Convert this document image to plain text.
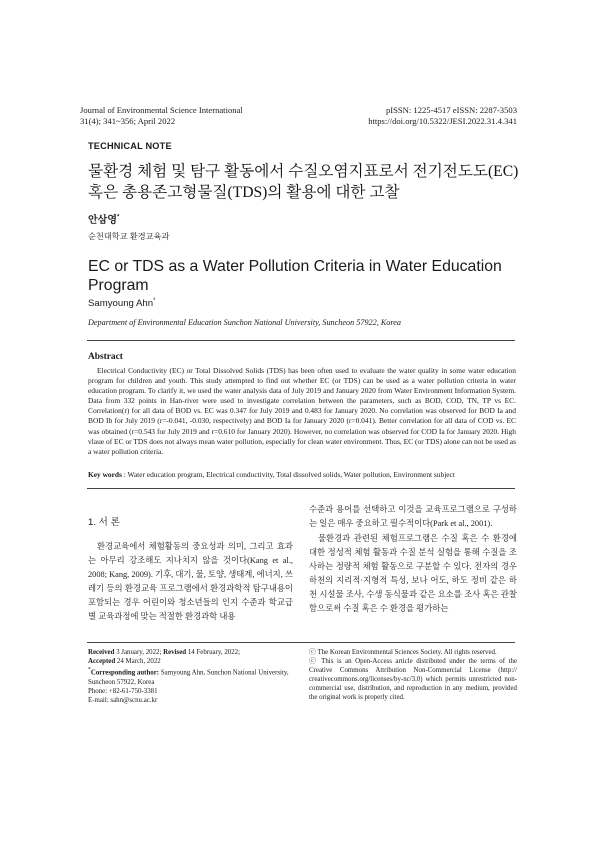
Journal of Environmental Science International
31(4); 341~356; April 2022
pISSN: 1225-4517 eISSN: 2287-3503
https://doi.org/10.5322/JESI.2022.31.4.341
TECHNICAL NOTE
물환경 체험 및 탐구 활동에서 수질오염지표로서 전기전도도(EC)
혹은 총용존고형물질(TDS)의 활용에 대한 고찰
안삼영*
순천대학교 환경교육과
EC or TDS as a Water Pollution Criteria in Water Education
Program
Samyoung Ahn*
Department of Environmental Education Sunchon National University, Suncheon 57922, Korea
Abstract
Electrical Conductivity (EC) or Total Dissolved Solids (TDS) has been often used to evaluate the water quality in some water education program for children and youth. This study attempted to find out whether EC (or TDS) can be used as a water pollution criteria in water education program. To clarify it, we used the water analysis data of July 2019 and January 2020 from Water Environment Information System. Data from 332 points in Han-river were used to investigate correlation between the parameters, such as BOD, COD, TN, TP vs EC. Correlation(r) for all data of BOD vs. EC was 0.347 for July 2019 and 0.483 for January 2020. No correlation was observed for BOD Ia and BOD Ib for July 2019 (r=-0.041, -0.030, respectively) and BOD Ia for January 2020 (r=0.041). Better correlation for all data of COD vs. EC was obtained (r=0.543 for July 2019 and r=0.610 for January 2020). However, no correlation was observed for COD Ia for January 2020. High vlaue of EC or TDS does not always mean water pollution, especially for clean water environment. Thus, EC (or TDS) alone can not be used as a water pollution criteria.
Key words : Water education program, Electrical conductivity, Total dissolved solids, Water pollution, Environment subject
1. 서 론
환경교육에서 체험활동의 중요성과 의미, 그리고 효과는 아무리 강조해도 지나치지 않을 것이다(Kang et al., 2008; Kang, 2009). 기후, 대기, 물, 토양, 생태계, 에너지, 쓰레기 등의 환경교육 프로그램에서 환경과학적 탐구내용이 포함되는 경우 어린이와 청소년들의 인지 수준과 학교급별 교육과정에 맞는 적절한 환경과학 내용
수준과 용어를 선택하고 이것을 교육프로그램으로 구성하는 일은 매우 중요하고 필수적이다(Park et al., 2001).
물환경과 관련된 체험프로그램은 수질 혹은 수 환경에 대한 정성적 체험 활동과 수질 분석 실험을 통해 수질을 조사하는 정량적 체험 활동으로 구분할 수 있다. 전자의 경우 하천의 지리적·지형적 특성, 보나 어도, 하도 정비 같은 하천 시설물 조사, 수생 동식물과 같은 요소를 조사 혹은 관찰함으로써 수질 혹은 수 환경을 평가하는
Received 3 January, 2022; Revised 14 February, 2022;
Accepted 24 March, 2022
*Corresponding author: Samyoung Ahn, Sunchon National University, Suncheon 57922, Korea
Phone: +82-61-750-3381
E-mail: sahn@scnu.ac.kr
ⓒ The Korean Environmental Sciences Society. All rights reserved.
ⓒ This is an Open-Access article distributed under the terms of the Creative Commons Attribution Non-Commercial License (http:// creativecommons.org/licenses/by-nc/3.0) which permits unrestricted non-commercial use, distribution, and reproduction in any medium, provided the original work is properly cited.
